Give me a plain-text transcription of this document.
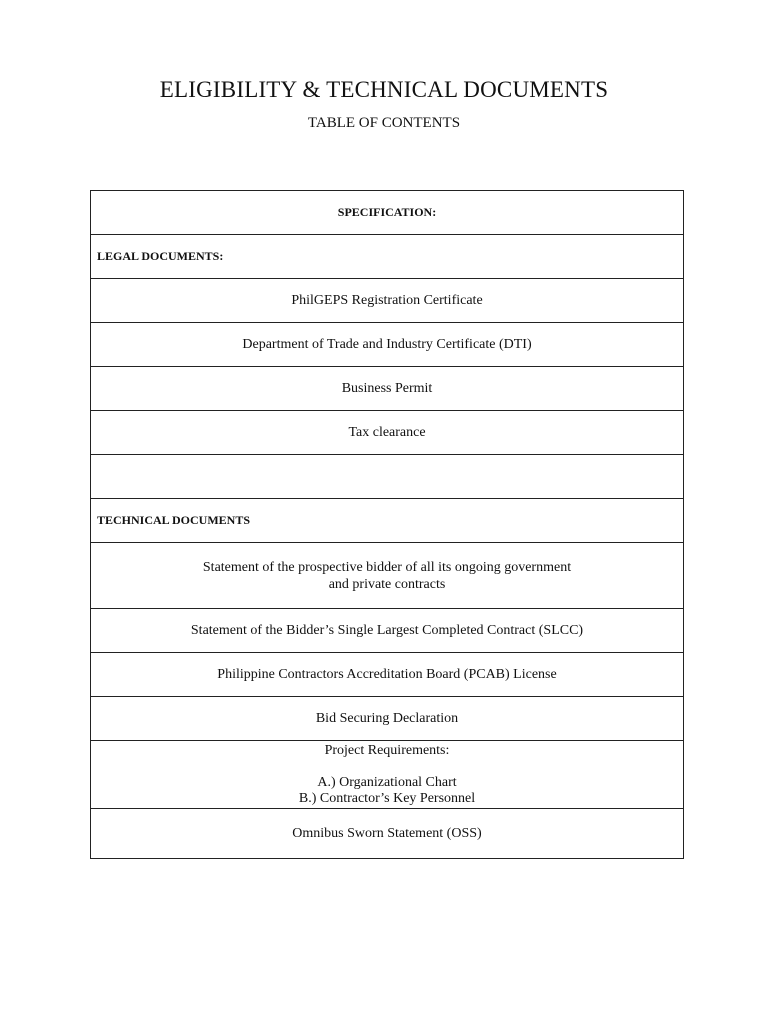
ELIGIBILITY & TECHNICAL DOCUMENTS
TABLE OF CONTENTS
SPECIFICATION:
LEGAL DOCUMENTS:
PhilGEPS Registration Certificate
Department of Trade and Industry Certificate (DTI)
Business Permit
Tax clearance

TECHNICAL DOCUMENTS

Statement of the prospective bidder of all its ongoing government
and private contracts

Statement of the Bidder’s Single Largest Completed Contract (SLCC)
Philippine Contractors Accreditation Board (PCAB) License
Bid Securing Declaration

Project Requirements:
A.) Organizational Chart
B.) Contractor’s Key Personnel

Omnibus Sworn Statement (OSS)
